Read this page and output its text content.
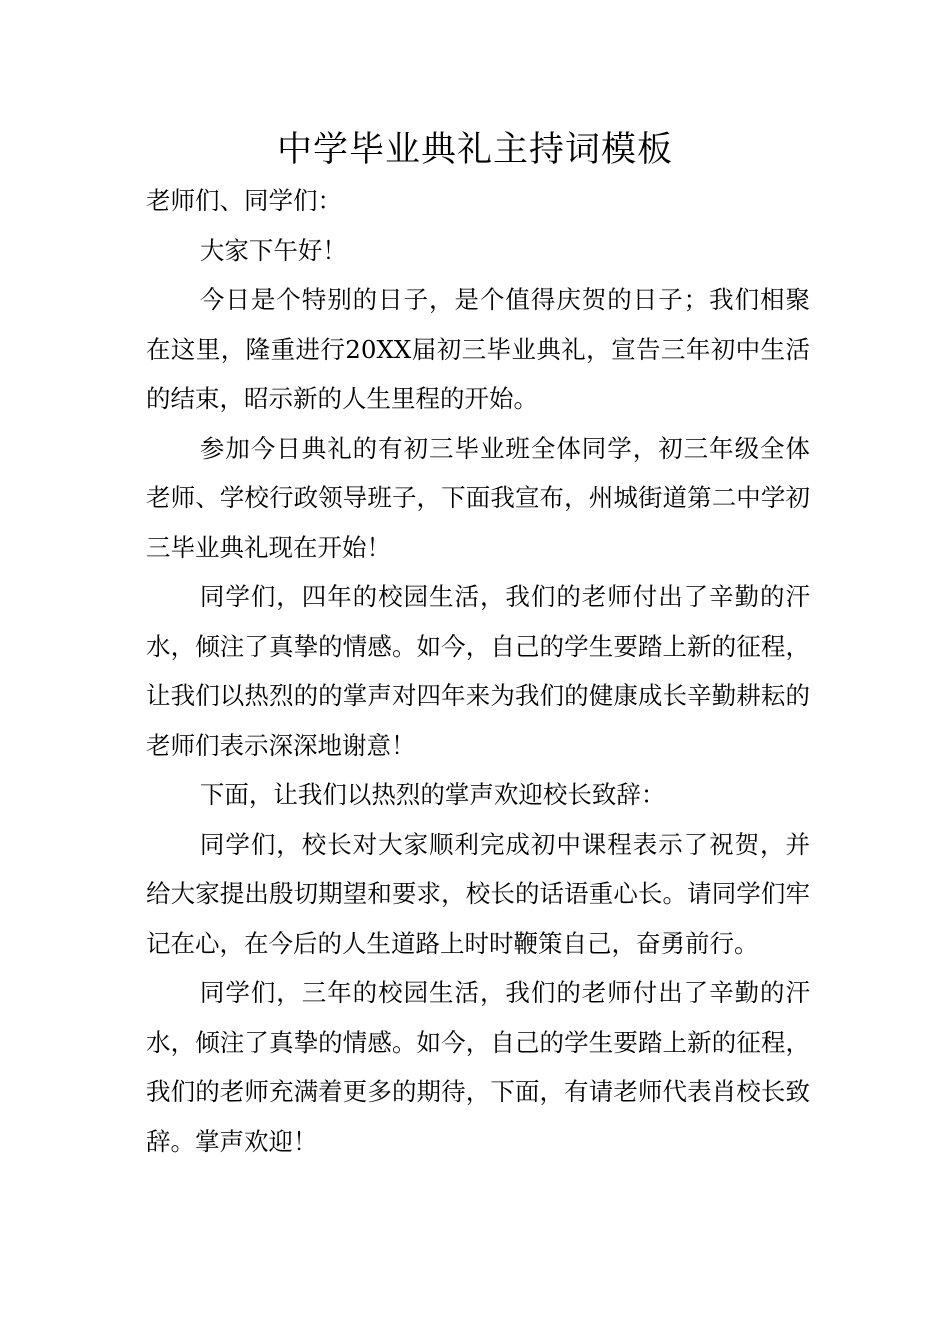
中学毕业典礼主持词模板

老师们、同学们：

大家下午好！

今日是个特别的日子，是个值得庆贺的日子；我们相聚在这里，隆重进行20XX届初三毕业典礼，宣告三年初中生活的结束，昭示新的人生里程的开始。

参加今日典礼的有初三毕业班全体同学，初三年级全体老师、学校行政领导班子，下面我宣布，州城街道第二中学初三毕业典礼现在开始！

同学们，四年的校园生活，我们的老师付出了辛勤的汗水，倾注了真挚的情感。如今，自己的学生要踏上新的征程，让我们以热烈的的掌声对四年来为我们的健康成长辛勤耕耘的老师们表示深深地谢意！

下面，让我们以热烈的掌声欢迎校长致辞：

同学们，校长对大家顺利完成初中课程表示了祝贺，并给大家提出殷切期望和要求，校长的话语重心长。请同学们牢记在心，在今后的人生道路上时时鞭策自己，奋勇前行。

同学们，三年的校园生活，我们的老师付出了辛勤的汗水，倾注了真挚的情感。如今，自己的学生要踏上新的征程，我们的老师充满着更多的期待，下面，有请老师代表肖校长致辞。掌声欢迎！
